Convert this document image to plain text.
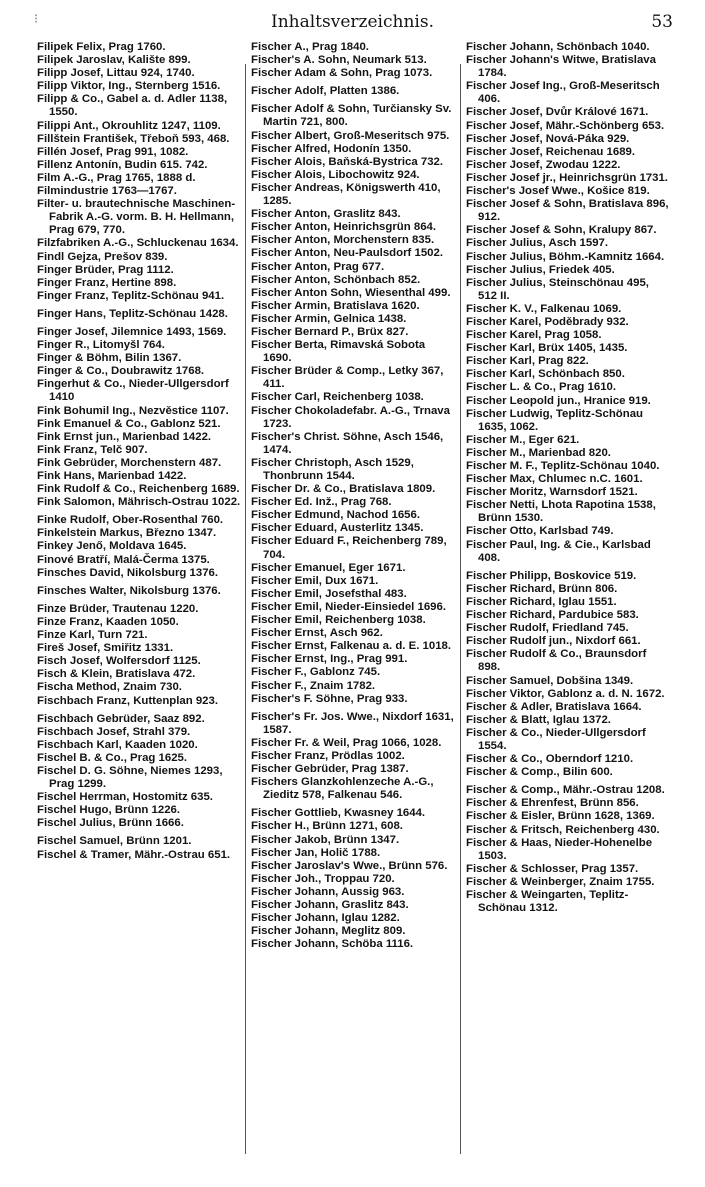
⁝	Inhaltsverzeichnis.	53

Filipek Felix, Prag 1760.

Filipek Jaroslav, Kalište 899.

Filipp Josef, Littau 924, 1740.

Filipp Viktor, Ing., Sternberg 1516.

Filipp & Co., Gabel a. d. Adler 1138, 1550.

Filippi Ant., Okrouhlitz 1247, 1109.

Fillštein František, Třeboň 593, 468.

Fillén Josef, Prag 991, 1082.

Fillenz Antonín, Budin 615. 742.

Film A.-G., Prag 1765, 1888 d.

Filmindustrie 1763—1767.

Filter- u. brautechnische Maschinen-Fabrik A.-G. vorm. B. H. Hellmann, Prag 679, 770.

Filzfabriken A.-G., Schluckenau 1634.

Findl Gejza, Prešov 839.

Finger Brüder, Prag 1112.

Finger Franz, Hertine 898.

Finger Franz, Teplitz-Schönau 941.

Finger Hans, Teplitz-Schönau 1428.

Finger Josef, Jilemnice 1493, 1569.

Finger R., Litomyšl 764.

Finger & Böhm, Bilin 1367.

Finger & Co., Doubrawitz 1768.

Fingerhut & Co., Nieder-Ullgersdorf 1410

Fink Bohumil Ing., Nezvěstice 1107.

Fink Emanuel & Co., Gablonz 521.

Fink Ernst jun., Marienbad 1422.

Fink Franz, Telč 907.

Fink Gebrüder, Morchenstern 487.

Fink Hans, Marienbad 1422.

Fink Rudolf & Co., Reichenberg 1689.

Fink Salomon, Mährisch-Ostrau 1022.

Finke Rudolf, Ober-Rosenthal 760.

Finkelstein Markus, Březno 1347.

Finkey Jenő, Moldava 1645.

Finové Bratří, Malá-Čerma 1375.

Finsches David, Nikolsburg 1376.

Finsches Walter, Nikolsburg 1376.

Finze Brüder, Trautenau 1220.

Finze Franz, Kaaden 1050.

Finze Karl, Turn 721.

Fireš Josef, Smiřitz 1331.

Fisch Josef, Wolfersdorf 1125.

Fisch & Klein, Bratislava 472.

Fischa Method, Znaim 730.

Fischbach Franz, Kuttenplan 923.

Fischbach Gebrüder, Saaz 892.

Fischbach Josef, Strahl 379.

Fischbach Karl, Kaaden 1020.

Fischel B. & Co., Prag 1625.

Fischel D. G. Söhne, Niemes 1293, Prag 1299.

Fischel Herrman, Hostomitz 635.

Fischel Hugo, Brünn 1226.

Fischel Julius, Brünn 1666.

Fischel Samuel, Brünn 1201.

Fischel & Tramer, Mähr.-Ostrau 651.

Fischer A., Prag 1840.

Fischer's A. Sohn, Neumark 513.

Fischer Adam & Sohn, Prag 1073.

Fischer Adolf, Platten 1386.

Fischer Adolf & Sohn, Turčiansky Sv. Martin 721, 800.

Fischer Albert, Groß-Meseritsch 975.

Fischer Alfred, Hodonín 1350.

Fischer Alois, Baňská-Bystrica 732.

Fischer Alois, Libochowitz 924.

Fischer Andreas, Königswerth 410, 1285.

Fischer Anton, Graslitz 843.

Fischer Anton, Heinrichsgrün 864.

Fischer Anton, Morchenstern 835.

Fischer Anton, Neu-Paulsdorf 1502.

Fischer Anton, Prag 677.

Fischer Anton, Schönbach 852.

Fischer Anton Sohn, Wiesenthal 499.

Fischer Armin, Bratislava 1620.

Fischer Armin, Gelnica 1438.

Fischer Bernard P., Brüx 827.

Fischer Berta, Rimavská Sobota 1690.

Fischer Brüder & Comp., Letky 367, 411.

Fischer Carl, Reichenberg 1038.

Fischer Chokoladefabr. A.-G., Trnava 1723.

Fischer's Christ. Söhne, Asch 1546, 1474.

Fischer Christoph, Asch 1529, Thonbrunn 1544.

Fischer Dr. & Co., Bratislava 1809.

Fischer Ed. Inž., Prag 768.

Fischer Edmund, Nachod 1656.

Fischer Eduard, Austerlitz 1345.

Fischer Eduard F., Reichenberg 789, 704.

Fischer Emanuel, Eger 1671.

Fischer Emil, Dux 1671.

Fischer Emil, Josefsthal 483.

Fischer Emil, Nieder-Einsiedel 1696.

Fischer Emil, Reichenberg 1038.

Fischer Ernst, Asch 962.

Fischer Ernst, Falkenau a. d. E. 1018.

Fischer Ernst, Ing., Prag 991.

Fischer F., Gablonz 745.

Fischer F., Znaim 1782.

Fischer's F. Söhne, Prag 933.

Fischer's Fr. Jos. Wwe., Nixdorf 1631, 1587.

Fischer Fr. & Weil, Prag 1066, 1028.

Fischer Franz, Prödlas 1002.

Fischer Gebrüder, Prag 1387.

Fischers Glanzkohlenzeche A.-G., Zieditz 578, Falkenau 546.

Fischer Gottlieb, Kwasney 1644.

Fischer H., Brünn 1271, 608.

Fischer Jakob, Brünn 1347.

Fischer Jan, Holič 1788.

Fischer Jaroslav's Wwe., Brünn 576.

Fischer Joh., Troppau 720.

Fischer Johann, Aussig 963.

Fischer Johann, Graslitz 843.

Fischer Johann, Iglau 1282.

Fischer Johann, Meglitz 809.

Fischer Johann, Schöba 1116.

Fischer Johann, Schönbach 1040.

Fischer Johann's Witwe, Bratislava 1784.

Fischer Josef Ing., Groß-Meseritsch 406.

Fischer Josef, Dvůr Králové 1671.

Fischer Josef, Mähr.-Schönberg 653.

Fischer Josef, Nová-Páka 929.

Fischer Josef, Reichenau 1689.

Fischer Josef, Zwodau 1222.

Fischer Josef jr., Heinrichsgrün 1731.

Fischer's Josef Wwe., Košice 819.

Fischer Josef & Sohn, Bratislava 896, 912.

Fischer Josef & Sohn, Kralupy 867.

Fischer Julius, Asch 1597.

Fischer Julius, Böhm.-Kamnitz 1664.

Fischer Julius, Friedek 405.

Fischer Julius, Steinschönau 495, 512 II.

Fischer K. V., Falkenau 1069.

Fischer Karel, Poděbrady 932.

Fischer Karel, Prag 1058.

Fischer Karl, Brüx 1405, 1435.

Fischer Karl, Prag 822.

Fischer Karl, Schönbach 850.

Fischer L. & Co., Prag 1610.

Fischer Leopold jun., Hranice 919.

Fischer Ludwig, Teplitz-Schönau 1635, 1062.

Fischer M., Eger 621.

Fischer M., Marienbad 820.

Fischer M. F., Teplitz-Schönau 1040.

Fischer Max, Chlumec n.C. 1601.

Fischer Moritz, Warnsdorf 1521.

Fischer Netti, Lhota Rapotina 1538, Brünn 1530.

Fischer Otto, Karlsbad 749.

Fischer Paul, Ing. & Cie., Karlsbad 408.

Fischer Philipp, Boskovice 519.

Fischer Richard, Brünn 806.

Fischer Richard, Iglau 1551.

Fischer Richard, Pardubice 583.

Fischer Rudolf, Friedland 745.

Fischer Rudolf jun., Nixdorf 661.

Fischer Rudolf & Co., Braunsdorf 898.

Fischer Samuel, Dobšina 1349.

Fischer Viktor, Gablonz a. d. N. 1672.

Fischer & Adler, Bratislava 1664.

Fischer & Blatt, Iglau 1372.

Fischer & Co., Nieder-Ullgersdorf 1554.

Fischer & Co., Oberndorf 1210.

Fischer & Comp., Bilin 600.

Fischer & Comp., Mähr.-Ostrau 1208.

Fischer & Ehrenfest, Brünn 856.

Fischer & Eisler, Brünn 1628, 1369.

Fischer & Fritsch, Reichenberg 430.

Fischer & Haas, Nieder-Hohenelbe 1503.

Fischer & Schlosser, Prag 1357.

Fischer & Weinberger, Znaim 1755.

Fischer & Weingarten, Teplitz-Schönau 1312.
